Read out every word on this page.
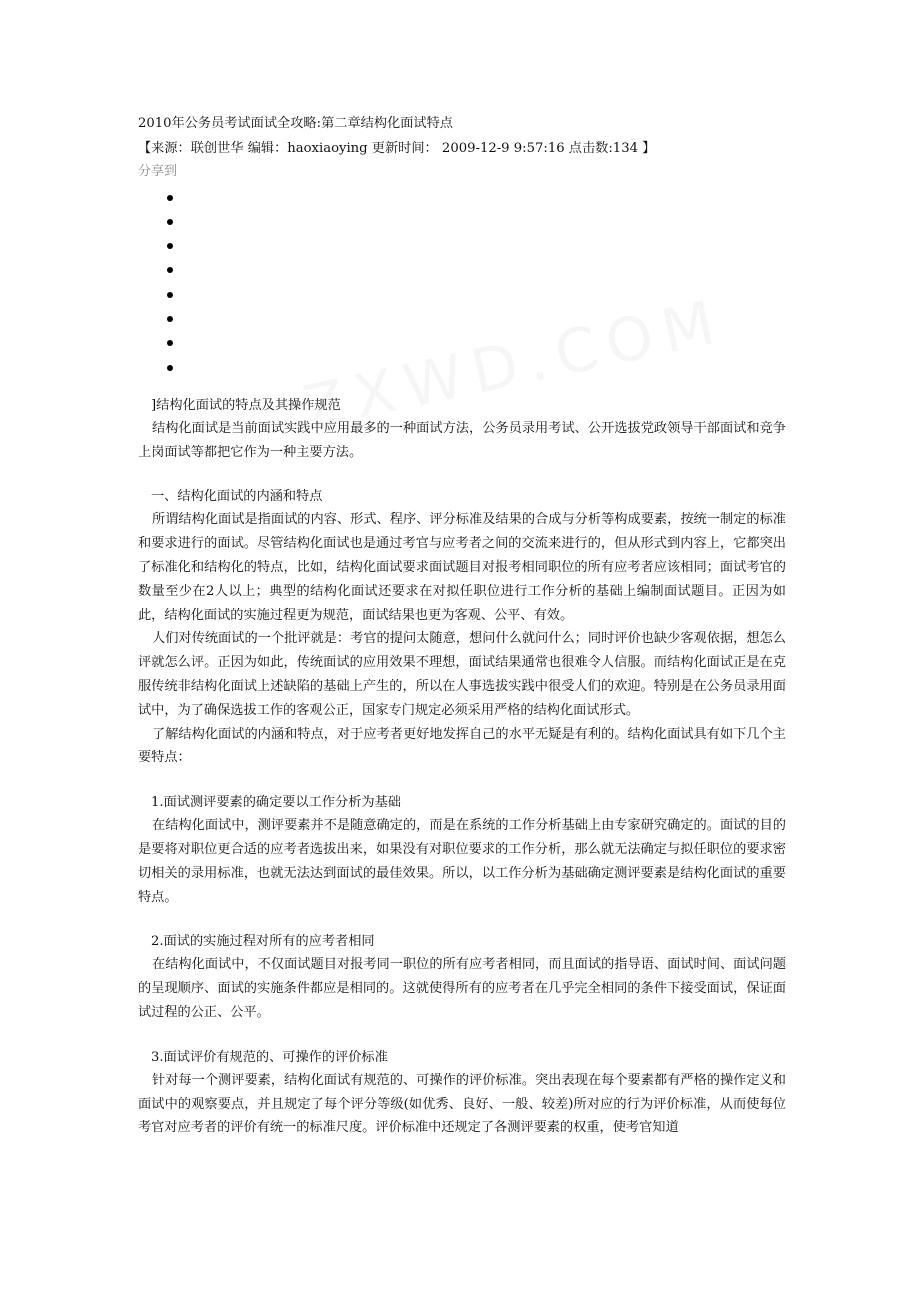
2010年公务员考试面试全攻略:第二章结构化面试特点
【来源：联创世华 编辑：haoxiaoying 更新时间： 2009-12-9 9:57:16 点击数:134 】
分享到
]结构化面试的特点及其操作规范
结构化面试是当前面试实践中应用最多的一种面试方法，公务员录用考试、公开选拔党政领导干部面试和竞争上岗面试等都把它作为一种主要方法。
一、结构化面试的内涵和特点
所谓结构化面试是指面试的内容、形式、程序、评分标准及结果的合成与分析等构成要素，按统一制定的标准和要求进行的面试。尽管结构化面试也是通过考官与应考者之间的交流来进行的，但从形式到内容上，它都突出了标准化和结构化的特点，比如，结构化面试要求面试题目对报考相同职位的所有应考者应该相同；面试考官的数量至少在2人以上；典型的结构化面试还要求在对拟任职位进行工作分析的基础上编制面试题目。正因为如此，结构化面试的实施过程更为规范，面试结果也更为客观、公平、有效。
人们对传统面试的一个批评就是：考官的提问太随意，想问什么就问什么；同时评价也缺少客观依据，想怎么评就怎么评。正因为如此，传统面试的应用效果不理想，面试结果通常也很难令人信服。而结构化面试正是在克服传统非结构化面试上述缺陷的基础上产生的，所以在人事选拔实践中很受人们的欢迎。特别是在公务员录用面试中，为了确保选拔工作的客观公正，国家专门规定必须采用严格的结构化面试形式。
了解结构化面试的内涵和特点，对于应考者更好地发挥自己的水平无疑是有利的。结构化面试具有如下几个主要特点：
1.面试测评要素的确定要以工作分析为基础
在结构化面试中，测评要素并不是随意确定的，而是在系统的工作分析基础上由专家研究确定的。面试的目的是要将对职位更合适的应考者选拔出来，如果没有对职位要求的工作分析，那么就无法确定与拟任职位的要求密切相关的录用标准，也就无法达到面试的最佳效果。所以，以工作分析为基础确定测评要素是结构化面试的重要特点。
2.面试的实施过程对所有的应考者相同
在结构化面试中，不仅面试题目对报考同一职位的所有应考者相同，而且面试的指导语、面试时间、面试问题的呈现顺序、面试的实施条件都应是相同的。这就使得所有的应考者在几乎完全相同的条件下接受面试，保证面试过程的公正、公平。
3.面试评价有规范的、可操作的评价标准
针对每一个测评要素，结构化面试有规范的、可操作的评价标准。突出表现在每个要素都有严格的操作定义和面试中的观察要点，并且规定了每个评分等级(如优秀、良好、一般、较差)所对应的行为评价标准，从而使每位考官对应考者的评价有统一的标准尺度。评价标准中还规定了各测评要素的权重，使考官知道
